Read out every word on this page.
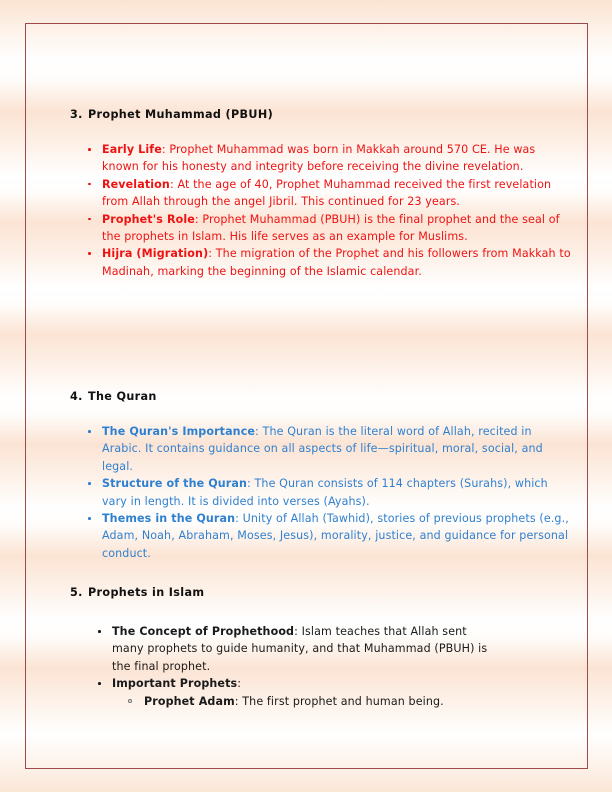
3. Prophet Muhammad (PBUH)
Early Life: Prophet Muhammad was born in Makkah around 570 CE. He was known for his honesty and integrity before receiving the divine revelation.
Revelation: At the age of 40, Prophet Muhammad received the first revelation from Allah through the angel Jibril. This continued for 23 years.
Prophet's Role: Prophet Muhammad (PBUH) is the final prophet and the seal of the prophets in Islam. His life serves as an example for Muslims.
Hijra (Migration): The migration of the Prophet and his followers from Makkah to Madinah, marking the beginning of the Islamic calendar.
4. The Quran
The Quran's Importance: The Quran is the literal word of Allah, recited in Arabic. It contains guidance on all aspects of life—spiritual, moral, social, and legal.
Structure of the Quran: The Quran consists of 114 chapters (Surahs), which vary in length. It is divided into verses (Ayahs).
Themes in the Quran: Unity of Allah (Tawhid), stories of previous prophets (e.g., Adam, Noah, Abraham, Moses, Jesus), morality, justice, and guidance for personal conduct.
5. Prophets in Islam
The Concept of Prophethood: Islam teaches that Allah sent many prophets to guide humanity, and that Muhammad (PBUH) is the final prophet.
Important Prophets:
Prophet Adam: The first prophet and human being.
